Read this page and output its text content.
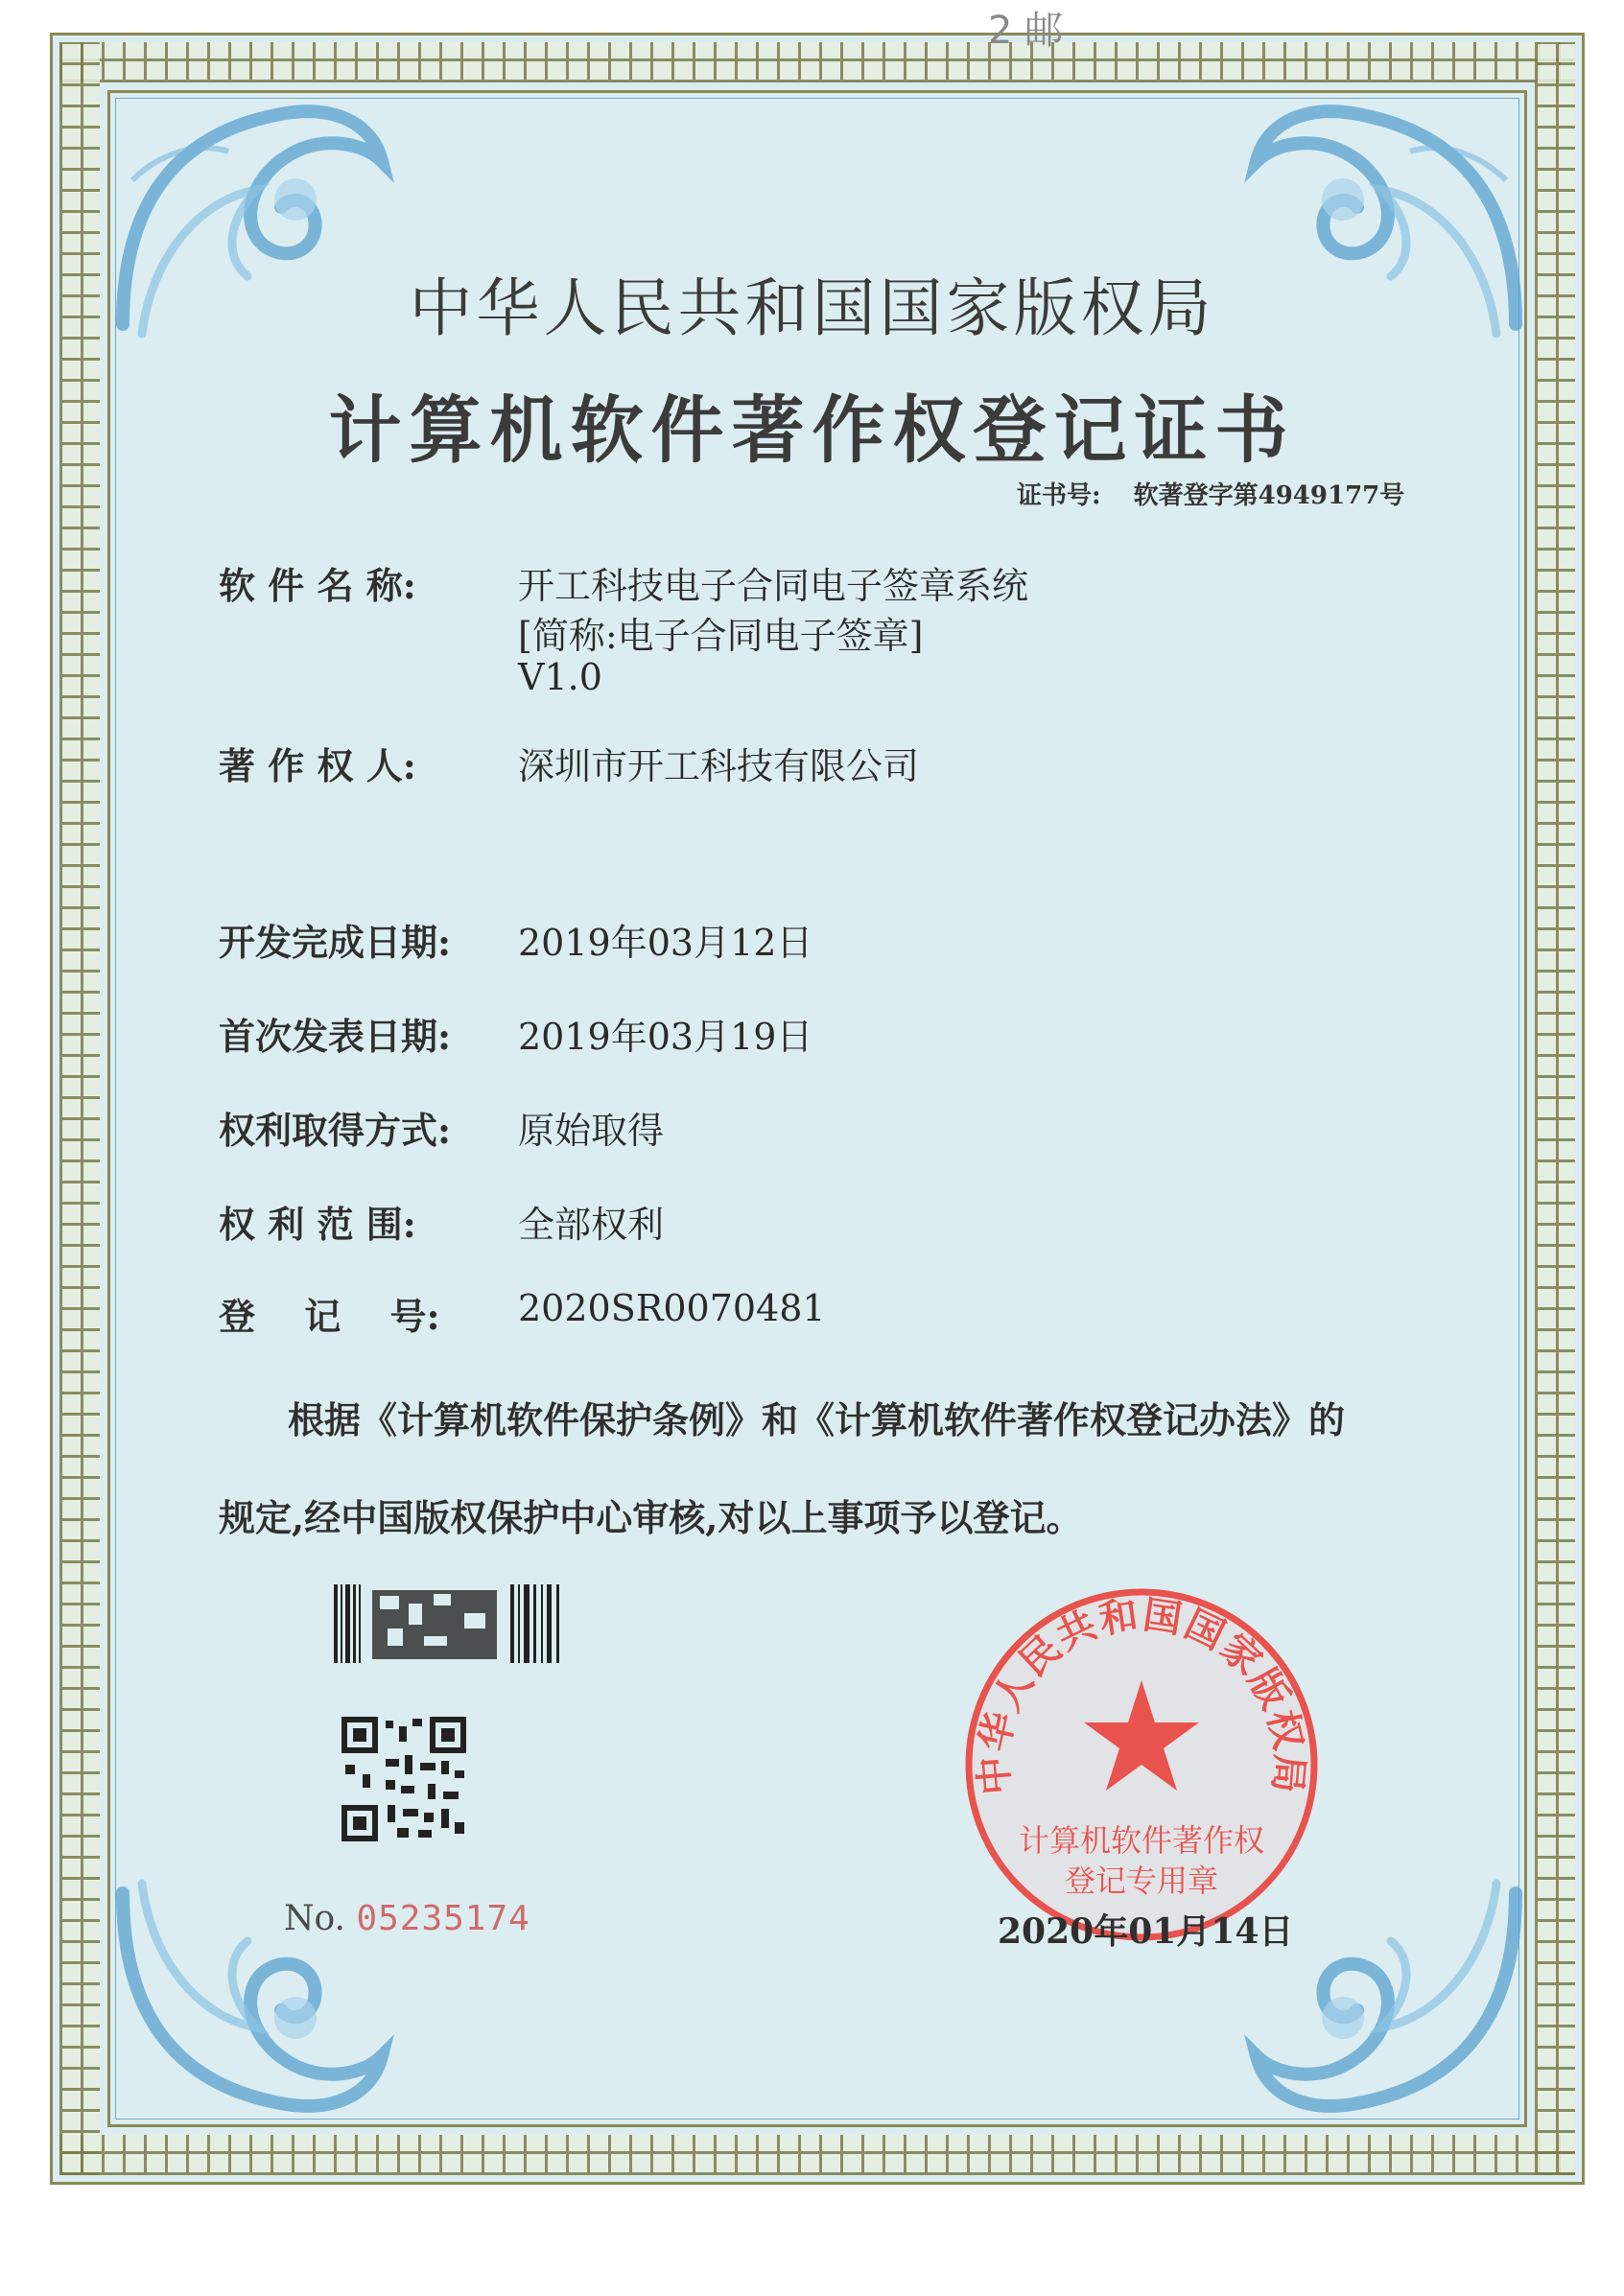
2 邮
中华人民共和国国家版权局
计算机软件著作权登记证书
证书号: 软著登字第4949177号
软 件 名 称:	开工科技电子合同电子签章系统
[简称:电子合同电子签章]
V1.0
著 作 权 人:	深圳市开工科技有限公司
开发完成日期: 2019年03月12日
首次发表日期: 2019年03月19日
权利取得方式: 原始取得
权 利 范 围:	全部权利
登　 记　 号: 2020SR0070481
根据《计算机软件保护条例》和《计算机软件著作权登记办法》的
规定,经中国版权保护中心审核,对以上事项予以登记。
No. 05235174
中华人民共和国国家版权局
计算机软件著作权
登记专用章
2020年01月14日
